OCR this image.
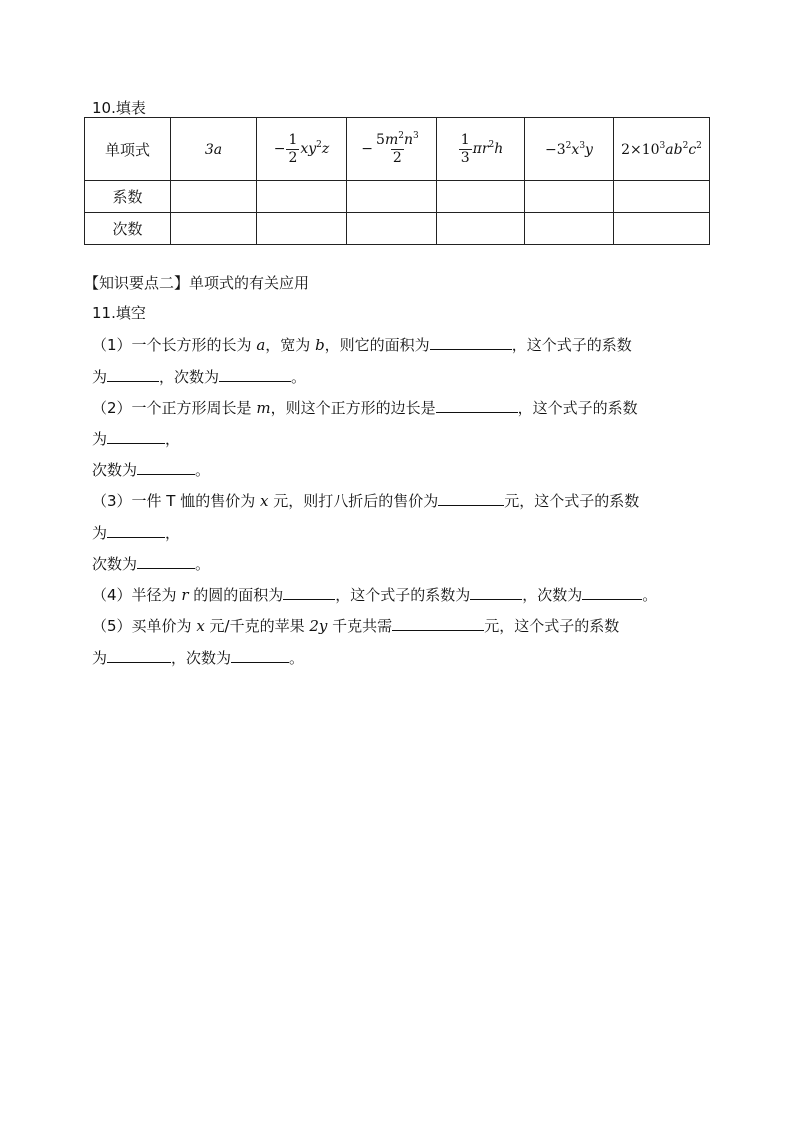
10.填表
单项式	3a	− $\frac{1}{2} xy^2z$	− $\frac{5m^2n^3}{2}$	$\frac{1}{3} \pi r^2h$	$-3^2x^3y$	$2\times 10^3ab^2c^2$
系数						
次数						
【知识要点二】单项式的有关应用
11.填空
（1）一个长方形的长为 a，宽为 b，则它的面积为	，这个式子的系数
为	，次数为	。
（2）一个正方形周长是 m，则这个正方形的边长是	，这个式子的系数
为	，
次数为	。
（3）一件 T 恤的售价为 x 元，则打八折后的售价为	元，这个式子的系数
为	，
次数为	。
（4）半径为 r 的圆的面积为	，这个式子的系数为	，次数为	。
（5）买单价为 x 元/千克的苹果 2y 千克共需	元，这个式子的系数
为	，次数为	。
